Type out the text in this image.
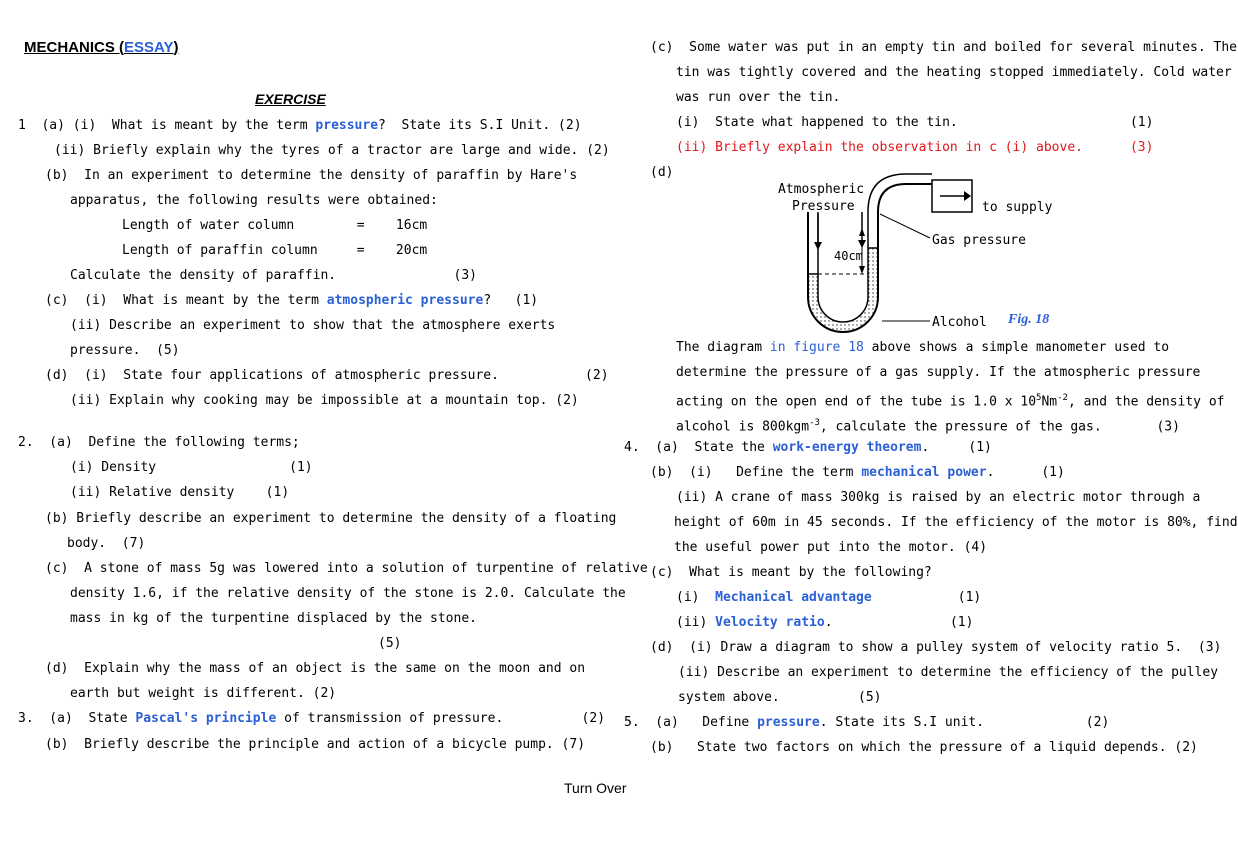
MECHANICS (ESSAY)
EXERCISE
1  (a) (i)  What is meant by the term pressure?  State its S.I Unit. (2)
(ii) Briefly explain why the tyres of a tractor are large and wide. (2)
(b)  In an experiment to determine the density of paraffin by Hare's
apparatus, the following results were obtained:
Length of water column        =    16cm
Length of paraffin column     =    20cm
Calculate the density of paraffin.               (3)
(c)  (i)  What is meant by the term atmospheric pressure?   (1)
(ii) Describe an experiment to show that the atmosphere exerts
pressure.  (5)
(d)  (i)  State four applications of atmospheric pressure.           (2)
(ii) Explain why cooking may be impossible at a mountain top. (2)
2.  (a)  Define the following terms;
(i) Density                 (1)
(ii) Relative density    (1)
(b) Briefly describe an experiment to determine the density of a floating
body.  (7)
(c)  A stone of mass 5g was lowered into a solution of turpentine of relative
density 1.6, if the relative density of the stone is 2.0. Calculate the
mass in kg of the turpentine displaced by the stone.
(5)
(d)  Explain why the mass of an object is the same on the moon and on
earth but weight is different. (2)
3.  (a)  State Pascal's principle of transmission of pressure.          (2)
(b)  Briefly describe the principle and action of a bicycle pump. (7)
(c)  Some water was put in an empty tin and boiled for several minutes. The
tin was tightly covered and the heating stopped immediately. Cold water
was run over the tin.
(i)  State what happened to the tin.                      (1)
(ii) Briefly explain the observation in c (i) above.      (3)
(d)
Atmospheric
Pressure	to supply
Gas pressure
40cm
Alcohol Fig. 18
The diagram in figure 18 above shows a simple manometer used to
determine the pressure of a gas supply. If the atmospheric pressure
acting on the open end of the tube is 1.0 x $10^5Nm^{-2}$, and the density of
alcohol is 800kgm$^{-3}$, calculate the pressure of the gas.       (3)
4.  (a)  State the work-energy theorem.     (1)
(b)  (i)   Define the term mechanical power.      (1)
(ii) A crane of mass 300kg is raised by an electric motor through a
height of 60m in 45 seconds. If the efficiency of the motor is 80%, find
the useful power put into the motor. (4)
(c)  What is meant by the following?
(i)  Mechanical advantage           (1)
(ii) Velocity ratio.               (1)
(d)  (i) Draw a diagram to show a pulley system of velocity ratio 5.  (3)
(ii) Describe an experiment to determine the efficiency of the pulley
system above.          (5)
5.  (a)   Define pressure. State its S.I unit.             (2)
(b)   State two factors on which the pressure of a liquid depends. (2)
Turn Over
